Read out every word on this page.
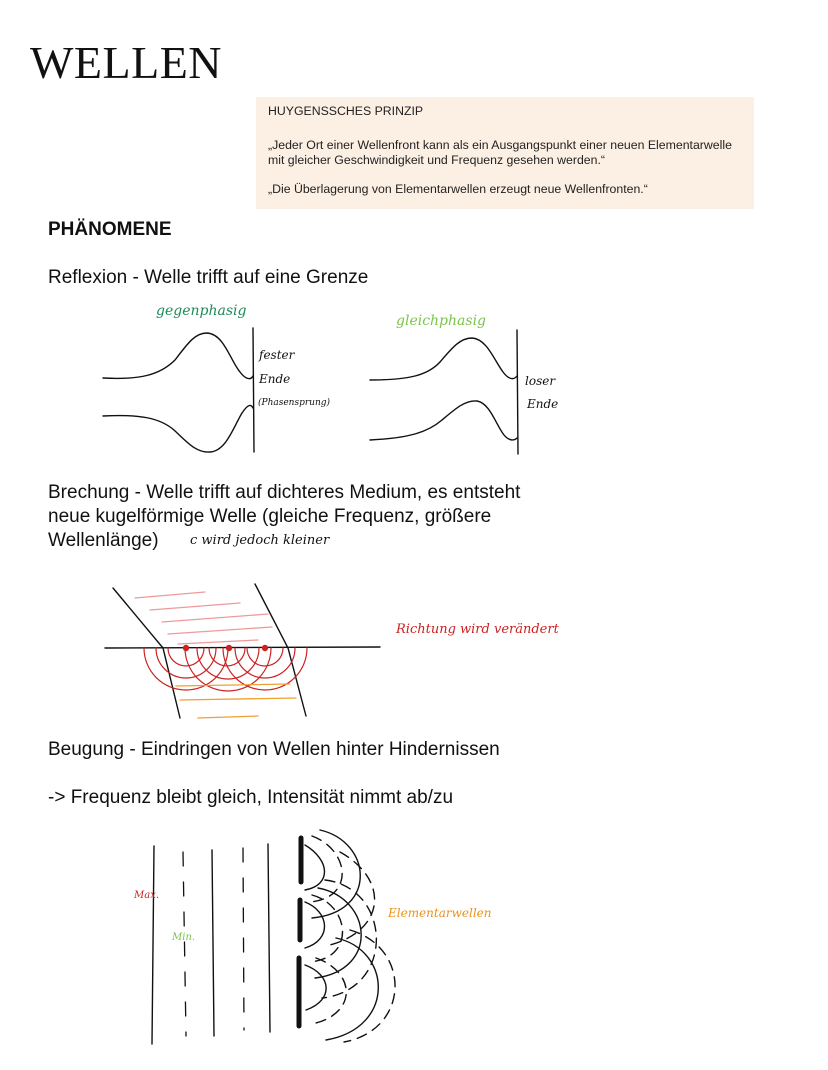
WELLEN

HUYGENSSCHES PRINZIP

„Jeder Ort einer Wellenfront kann als ein Ausgangspunkt einer neuen Elementarwelle mit gleicher Geschwindigkeit und Frequenz gesehen werden.“

„Die Überlagerung von Elementarwellen erzeugt neue Wellenfronten.“

PHÄNOMENE

Reflexion - Welle trifft auf eine Grenze

gegenphasig
gleichphasig
fester
Ende
(Phasensprung)
loser
Ende

Brechung - Welle trifft auf dichteres Medium, es entsteht

neue kugelförmige Welle (gleiche Frequenz, größere

Wellenlänge) c wird jedoch kleiner
Richtung wird verändert

Beugung - Eindringen von Wellen hinter Hindernissen

-> Frequenz bleibt gleich, Intensität nimmt ab/zu

Max.
Min.
Elementarwellen
